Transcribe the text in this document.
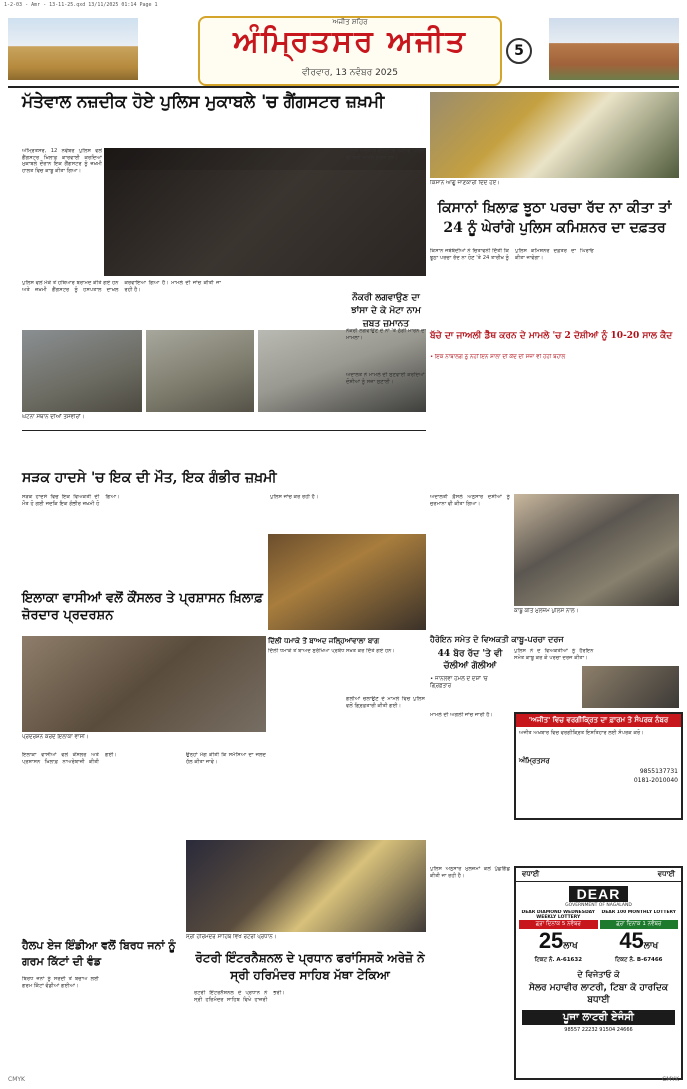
1-2-03 - Amr - 13-11-25.qxd 13/11/2025 01:14 Page 1
ਅਜੀਤ ਸ਼ਹਿਰ
ਅੰਮ੍ਰਿਤਸਰ ਅਜੀਤ
ਵੀਰਵਾਰ, 13 ਨਵੰਬਰ 2025
5
ਮੱਤੇਵਾਲ ਨਜ਼ਦੀਕ ਹੋਏ ਪੁਲਿਸ ਮੁਕਾਬਲੇ 'ਚ ਗੈਂਗਸਟਰ ਜ਼ਖ਼ਮੀ
ਅੰਮ੍ਰਿਤਸਰ, 12 ਨਵੰਬਰ ਪੁਲਿਸ ਵਲੋਂ ਗੈਂਗਸਟਰ ਖ਼ਿਲਾਫ਼ ਕਾਰਵਾਈ ਕਰਦਿਆਂ ਮੁਕਾਬਲੇ ਦੌਰਾਨ ਇਕ ਗੈਂਗਸਟਰ ਨੂੰ ਜ਼ਖ਼ਮੀ ਹਾਲਤ ਵਿਚ ਕਾਬੂ ਕੀਤਾ ਗਿਆ।
ਪੁਲਿਸ ਵਲੋਂ ਮੌਕੇ ਤੋਂ ਹਥਿਆਰ ਬਰਾਮਦ ਕੀਤੇ ਗਏ ਹਨ ਅਤੇ ਜ਼ਖ਼ਮੀ ਗੈਂਗਸਟਰ ਨੂੰ ਹਸਪਤਾਲ ਦਾਖ਼ਲ ਕਰਵਾਇਆ ਗਿਆ ਹੈ। ਮਾਮਲੇ ਦੀ ਜਾਂਚ ਕੀਤੀ ਜਾ ਰਹੀ ਹੈ।
ਘਟਨਾ ਸਥਾਨ ਦੀਆਂ ਤਸਵੀਰਾਂ।
ਸੜਕ ਹਾਦਸੇ 'ਚ ਇਕ ਦੀ ਮੌਤ, ਇਕ ਗੰਭੀਰ ਜ਼ਖ਼ਮੀ
ਸੜਕ ਹਾਦਸੇ ਵਿਚ ਇਕ ਵਿਅਕਤੀ ਦੀ ਮੌਤ ਹੋ ਗਈ ਜਦਕਿ ਇਕ ਗੰਭੀਰ ਜ਼ਖ਼ਮੀ ਹੋ ਗਿਆ।	ਪੁਲਿਸ ਜਾਂਚ ਕਰ ਰਹੀ ਹੈ।
ਇਲਾਕਾ ਵਾਸੀਆਂ ਵਲੋਂ ਕੌਂਸਲਰ ਤੇ ਪ੍ਰਸ਼ਾਸਨ ਖ਼ਿਲਾਫ਼ ਜ਼ੋਰਦਾਰ ਪ੍ਰਦਰਸ਼ਨ
ਪ੍ਰਦਰਸ਼ਨ ਕਰਦੇ ਇਲਾਕਾ ਵਾਸੀ।
ਇਲਾਕਾ ਵਾਸੀਆਂ ਵਲੋਂ ਕੌਂਸਲਰ ਅਤੇ ਪ੍ਰਸ਼ਾਸਨ ਖ਼ਿਲਾਫ਼ ਨਾਅਰੇਬਾਜ਼ੀ ਕੀਤੀ ਗਈ।	ਉਨ੍ਹਾਂ ਮੰਗ ਕੀਤੀ ਕਿ ਸਮੱਸਿਆ ਦਾ ਜਲਦ ਹੱਲ ਕੀਤਾ ਜਾਵੇ।
ਦਿੱਲੀ ਧਮਾਕੇ ਤੋਂ ਬਾਅਦ ਜਲ੍ਹਿਆਂਵਾਲਾ ਬਾਗ
ਦਿੱਲੀ ਧਮਾਕੇ ਤੋਂ ਬਾਅਦ ਸੁਰੱਖਿਆ ਪ੍ਰਬੰਧ ਸਖ਼ਤ ਕਰ ਦਿੱਤੇ ਗਏ ਹਨ।
ਸ੍ਰੀ ਹਰਿਮੰਦਰ ਸਾਹਿਬ ਵਿਖੇ ਰੋਟਰੀ ਪ੍ਰਧਾਨ।
ਹੈਲਪ ਏਜ ਇੰਡੀਆ ਵਲੋਂ ਬਿਰਧ ਜਨਾਂ ਨੂੰ ਗਰਮ ਕਿੱਟਾਂ ਦੀ ਵੰਡ
ਬਿਰਧ ਜਨਾਂ ਨੂੰ ਸਰਦੀ ਤੋਂ ਬਚਾਅ ਲਈ ਗਰਮ ਕਿੱਟਾਂ ਵੰਡੀਆਂ ਗਈਆਂ।
ਰੋਟਰੀ ਇੰਟਰਨੈਸ਼ਨਲ ਦੇ ਪ੍ਰਧਾਨ ਫਰਾਂਸਿਸਕੋ ਅਰੇਜ਼ੋ ਨੇ ਸ੍ਰੀ ਹਰਿਮੰਦਰ ਸਾਹਿਬ ਮੱਥਾ ਟੇਕਿਆ
ਰੋਟਰੀ ਇੰਟਰਨੈਸ਼ਨਲ ਦੇ ਪ੍ਰਧਾਨ ਨੇ ਸ੍ਰੀ ਹਰਿਮੰਦਰ ਸਾਹਿਬ ਵਿਖੇ ਹਾਜ਼ਰੀ ਭਰੀ।
ਪੁਲਿਸ ਅਨੁਸਾਰ ਗੈਂਗਸਟਰ ਖ਼ਿਲਾਫ਼ ਪਹਿਲਾਂ ਵੀ ਕਈ ਮਾਮਲੇ ਦਰਜ ਹਨ।
ਨੌਕਰੀ ਲਗਵਾਉਣ ਦਾ ਝਾਂਸਾ ਦੇ ਕੇ ਮੋਟਾ ਨਾਮ ਜ਼ਬਤ ਜ਼ਮਾਨਤ
ਨੌਕਰੀ ਲਗਵਾਉਣ ਦੇ ਨਾਂ 'ਤੇ ਠੱਗੀ ਮਾਰਨ ਦਾ ਮਾਮਲਾ।
ਕਿਸਾਨ ਆਗੂ ਜਾਣਕਾਰੀ ਦਿੰਦੇ ਹੋਏ।
ਕਿਸਾਨਾਂ ਖ਼ਿਲਾਫ਼ ਝੂਠਾ ਪਰਚਾ ਰੱਦ ਨਾ ਕੀਤਾ ਤਾਂ 24 ਨੂੰ ਘੇਰਾਂਗੇ ਪੁਲਿਸ ਕਮਿਸ਼ਨਰ ਦਾ ਦਫ਼ਤਰ
ਕਿਸਾਨ ਜਥੇਬੰਦੀਆਂ ਨੇ ਚਿਤਾਵਨੀ ਦਿੱਤੀ ਕਿ ਝੂਠਾ ਪਰਚਾ ਰੱਦ ਨਾ ਹੋਣ 'ਤੇ 24 ਤਾਰੀਖ਼ ਨੂੰ ਪੁਲਿਸ ਕਮਿਸ਼ਨਰ ਦਫ਼ਤਰ ਦਾ ਘਿਰਾਓ ਕੀਤਾ ਜਾਵੇਗਾ।
ਬੱਚੇ ਦਾ ਜਾਅਲੀ ਡੈੱਥ ਕਰਨ ਦੇ ਮਾਮਲੇ 'ਚ 2 ਦੋਸ਼ੀਆਂ ਨੂੰ 10-20 ਸਾਲ ਕੈਦ
• ਇਕ ਨਾਬਾਲਗ ਨੂੰ ਨਹੀਂ ਇਨ ਸ਼ਾਲਾ ਦੀ ਕੈਦ ਦੀ ਸਜ਼ਾ ਵੀ ਹਹੀ ਬਹਾਲ
ਅਦਾਲਤ ਨੇ ਮਾਮਲੇ ਦੀ ਸੁਣਵਾਈ ਕਰਦਿਆਂ ਦੋਸ਼ੀਆਂ ਨੂੰ ਸਜ਼ਾ ਸੁਣਾਈ।
ਕਾਬੂ ਕੀਤੇ ਮੁਲਜ਼ਮ ਪੁਲਿਸ ਨਾਲ।
ਅਦਾਲਤੀ ਫ਼ੈਸਲੇ ਅਨੁਸਾਰ ਦੋਸ਼ੀਆਂ ਨੂੰ ਜੁਰਮਾਨਾ ਵੀ ਕੀਤਾ ਗਿਆ।
ਹੈਰੋਇਨ ਸਮੇਤ ਦੋ ਵਿਅਕਤੀ ਕਾਬੂ-ਪਰਚਾ ਦਰਜ
ਪੁਲਿਸ ਨੇ ਦੋ ਵਿਅਕਤੀਆਂ ਨੂੰ ਹੈਰੋਇਨ ਸਮੇਤ ਕਾਬੂ ਕਰ ਕੇ ਪਰਚਾ ਦਰਜ ਕੀਤਾ।
44 ਬੋਰ ਰੱਦ 'ਤੇ ਵੀ ਚੱਲੀਆਂ ਗੋਲੀਆਂ
• ਜਾਨਲੇਵਾ ਹਮਲੇ ਦੇ ਦੋਸ਼ਾਂ 'ਚ ਗ੍ਰਿਫ਼ਤਾਰ
ਗੋਲੀਆਂ ਚਲਾਉਣ ਦੇ ਮਾਮਲੇ ਵਿਚ ਪੁਲਿਸ ਵਲੋਂ ਗ੍ਰਿਫ਼ਤਾਰੀ ਕੀਤੀ ਗਈ।
'ਅਜੀਤ' ਵਿਚ ਵਰਗੀਕ੍ਰਿਤ ਦਾ ਫ਼ਾਰਮ ਤੇ ਸੰਪਰਕ ਨੰਬਰ
ਅਜੀਤ ਅਖ਼ਬਾਰ ਵਿਚ ਵਰਗੀਕ੍ਰਿਤ ਇਸ਼ਤਿਹਾਰ ਲਈ ਸੰਪਰਕ ਕਰੋ।
ਅੰਮ੍ਰਿਤਸਰ
9855137731
0181-2010040
ਮਾਮਲੇ ਦੀ ਅਗਲੀ ਜਾਂਚ ਜਾਰੀ ਹੈ।
ਵਧਾਈ	ਵਧਾਈ
DEAR
GOVERNMENT OF NAGALAND
DEAR DIAMOND WEDNESDAY WEEKLY LOTTERY
ਡ੍ਰਾ ਦਿਨਾਂਕ 5 ਨਵੰਬਰ
25ਲਾਖ
ਟਿਕਟ ਨੰ. A-61632
DEAR 100 MONTHLY LOTTERY
ਡ੍ਰਾ ਦਿਨਾਂਕ 1 ਨਵੰਬਰ
45ਲਾਖ
ਟਿਕਟ ਨੰ. B-67466
ਦੇ ਵਿਜੇਤਾਓ ਕੋ
ਸੇਲਰ ਮਹਾਵੀਰ ਲਾਟਰੀ, ਟਿਬਾ ਕੋ ਹਾਰਦਿਕ ਬਧਾਈ
ਪੂਜਾ ਲਾਟਰੀ ਏਜੰਸੀ
98557 22232 91504 24666
ਪੁਲਿਸ ਅਨੁਸਾਰ ਮੁਲਜ਼ਮਾਂ ਕੋਲੋਂ ਪੁੱਛਗਿੱਛ ਕੀਤੀ ਜਾ ਰਹੀ ਹੈ।
CMYK	CMYK
